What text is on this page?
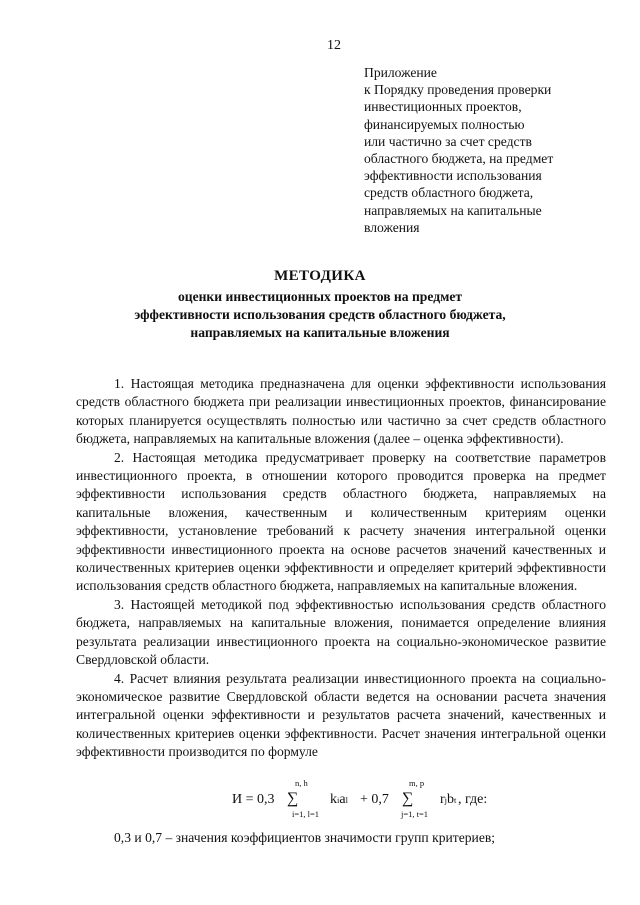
12
Приложение
к Порядку проведения проверки
инвестиционных проектов,
финансируемых полностью
или частично за счет средств
областного бюджета, на предмет
эффективности использования
средств областного бюджета,
направляемых на капитальные
вложения
МЕТОДИКА
оценки инвестиционных проектов на предмет
эффективности использования средств областного бюджета,
направляемых на капитальные вложения

1. Настоящая методика предназначена для оценки эффективности использования средств областного бюджета при реализации инвестиционных проектов, финансирование которых планируется осуществлять полностью или частично за счет средств областного бюджета, направляемых на капитальные вложения (далее – оценка эффективности).

2. Настоящая методика предусматривает проверку на соответствие параметров инвестиционного проекта, в отношении которого проводится проверка на предмет эффективности использования средств областного бюджета, направляемых на капитальные вложения, качественным и количественным критериям оценки эффективности, установление требований к расчету значения интегральной оценки эффективности инвестиционного проекта на основе расчетов значений качественных и количественных критериев оценки эффективности и определяет критерий эффективности использования средств областного бюджета, направляемых на капитальные вложения.

3. Настоящей методикой под эффективностью использования средств областного бюджета, направляемых на капитальные вложения, понимается определение влияния результата реализации инвестиционного проекта на социально-экономическое развитие Свердловской области.

4. Расчет влияния результата реализации инвестиционного проекта на социально-экономическое развитие Свердловской области ведется на основании расчета значения интегральной оценки эффективности и результатов расчета значений, качественных и количественных критериев оценки эффективности. Расчет значения интегральной оценки эффективности производится по формуле

И = 0,3 ∑
n, h
i=1, l=1
kial + 0,7 ∑
m, p
j=1, t=1
rjbt , где:
0,3 и 0,7 – значения коэффициентов значимости групп критериев;
